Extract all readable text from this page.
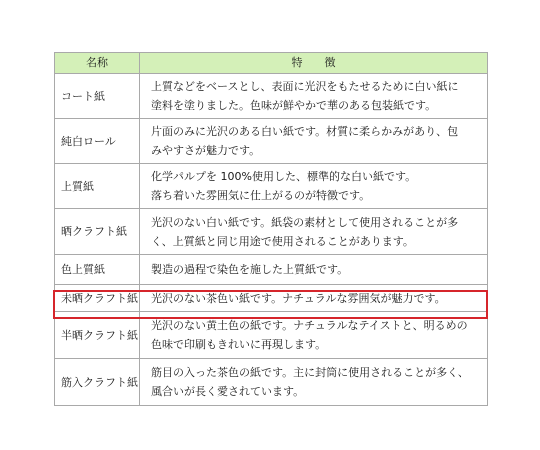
名称	特 徴
コート紙	上質などをベースとし、表面に光沢をもたせるために白い紙に
塗料を塗りました。色味が鮮やかで華のある包装紙です。

純白ロール	片面のみに光沢のある白い紙です。材質に柔らかみがあり、包
みやすさが魅力です。

上質紙	化学パルプを 100%使用した、標準的な白い紙です。
落ち着いた雰囲気に仕上がるのが特徴です。

晒クラフト紙	光沢のない白い紙です。紙袋の素材として使用されることが多
く、上質紙と同じ用途で使用されることがあります。

色上質紙	製造の過程で染色を施した上質紙です。

未晒クラフト紙	光沢のない茶色い紙です。ナチュラルな雰囲気が魅力です。

半晒クラフト紙	光沢のない黄土色の紙です。ナチュラルなテイストと、明るめの
色味で印刷もきれいに再現します。

筋入クラフト紙	筋目の入った茶色の紙です。主に封筒に使用されることが多く、
風合いが長く愛されています。
